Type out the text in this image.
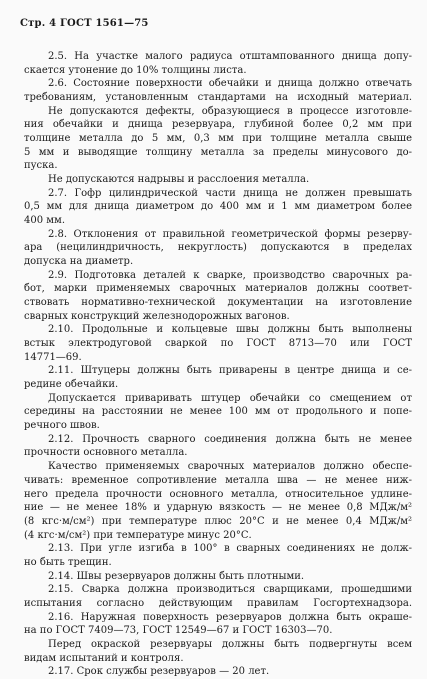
Стр. 4 ГОСТ 1561—75
2.5. На участке малого радиуса отштампованного днища допу-
скается утонение до 10% толщины листа.
2.6. Состояние поверхности обечайки и днища должно отвечать
требованиям, установленным стандартами на исходный материал.
Не допускаются дефекты, образующиеся в процессе изготовле-
ния обечайки и днища резервуара, глубиной более 0,2 мм при
толщине металла до 5 мм, 0,3 мм при толщине металла свыше
5 мм и выводящие толщину металла за пределы минусового до-
пуска.
Не допускаются надрывы и расслоения металла.
2.7. Гофр цилиндрической части днища не должен превышать
0,5 мм для днища диаметром до 400 мм и 1 мм диаметром более
400 мм.
2.8. Отклонения от правильной геометрической формы резерву-
ара (нецилиндричность, некруглость) допускаются в пределах
допуска на диаметр.
2.9. Подготовка деталей к сварке, производство сварочных ра-
бот, марки применяемых сварочных материалов должны соответ-
ствовать нормативно-технической документации на изготовление
сварных конструкций железнодорожных вагонов.
2.10. Продольные и кольцевые швы должны быть выполнены
встык электродуговой сваркой по ГОСТ 8713—70 или ГОСТ
14771—69.
2.11. Штуцеры должны быть приварены в центре днища и се-
редине обечайки.
Допускается приваривать штуцер обечайки со смещением от
середины на расстоянии не менее 100 мм от продольного и попе-
речного швов.
2.12. Прочность сварного соединения должна быть не менее
прочности основного металла.
Качество применяемых сварочных материалов должно обеспе-
чивать: временное сопротивление металла шва — не менее ниж-
него предела прочности основного металла, относительное удлине-
ние — не менее 18% и ударную вязкость — не менее 0,8 МДж/м²
(8 кгс·м/см²) при температуре плюс 20°С и не менее 0,4 МДж/м²
(4 кгс·м/см²) при температуре минус 20°С.
2.13. При угле изгиба в 100° в сварных соединениях не долж-
но быть трещин.
2.14. Швы резервуаров должны быть плотными.
2.15. Сварка должна производиться сварщиками, прошедшими
испытания согласно действующим правилам Госгортехнадзора.
2.16. Наружная поверхность резервуаров должна быть окраше-
на по ГОСТ 7409—73, ГОСТ 12549—67 и ГОСТ 16303—70.
Перед окраской резервуары должны быть подвергнуты всем
видам испытаний и контроля.
2.17. Срок службы резервуаров — 20 лет.
